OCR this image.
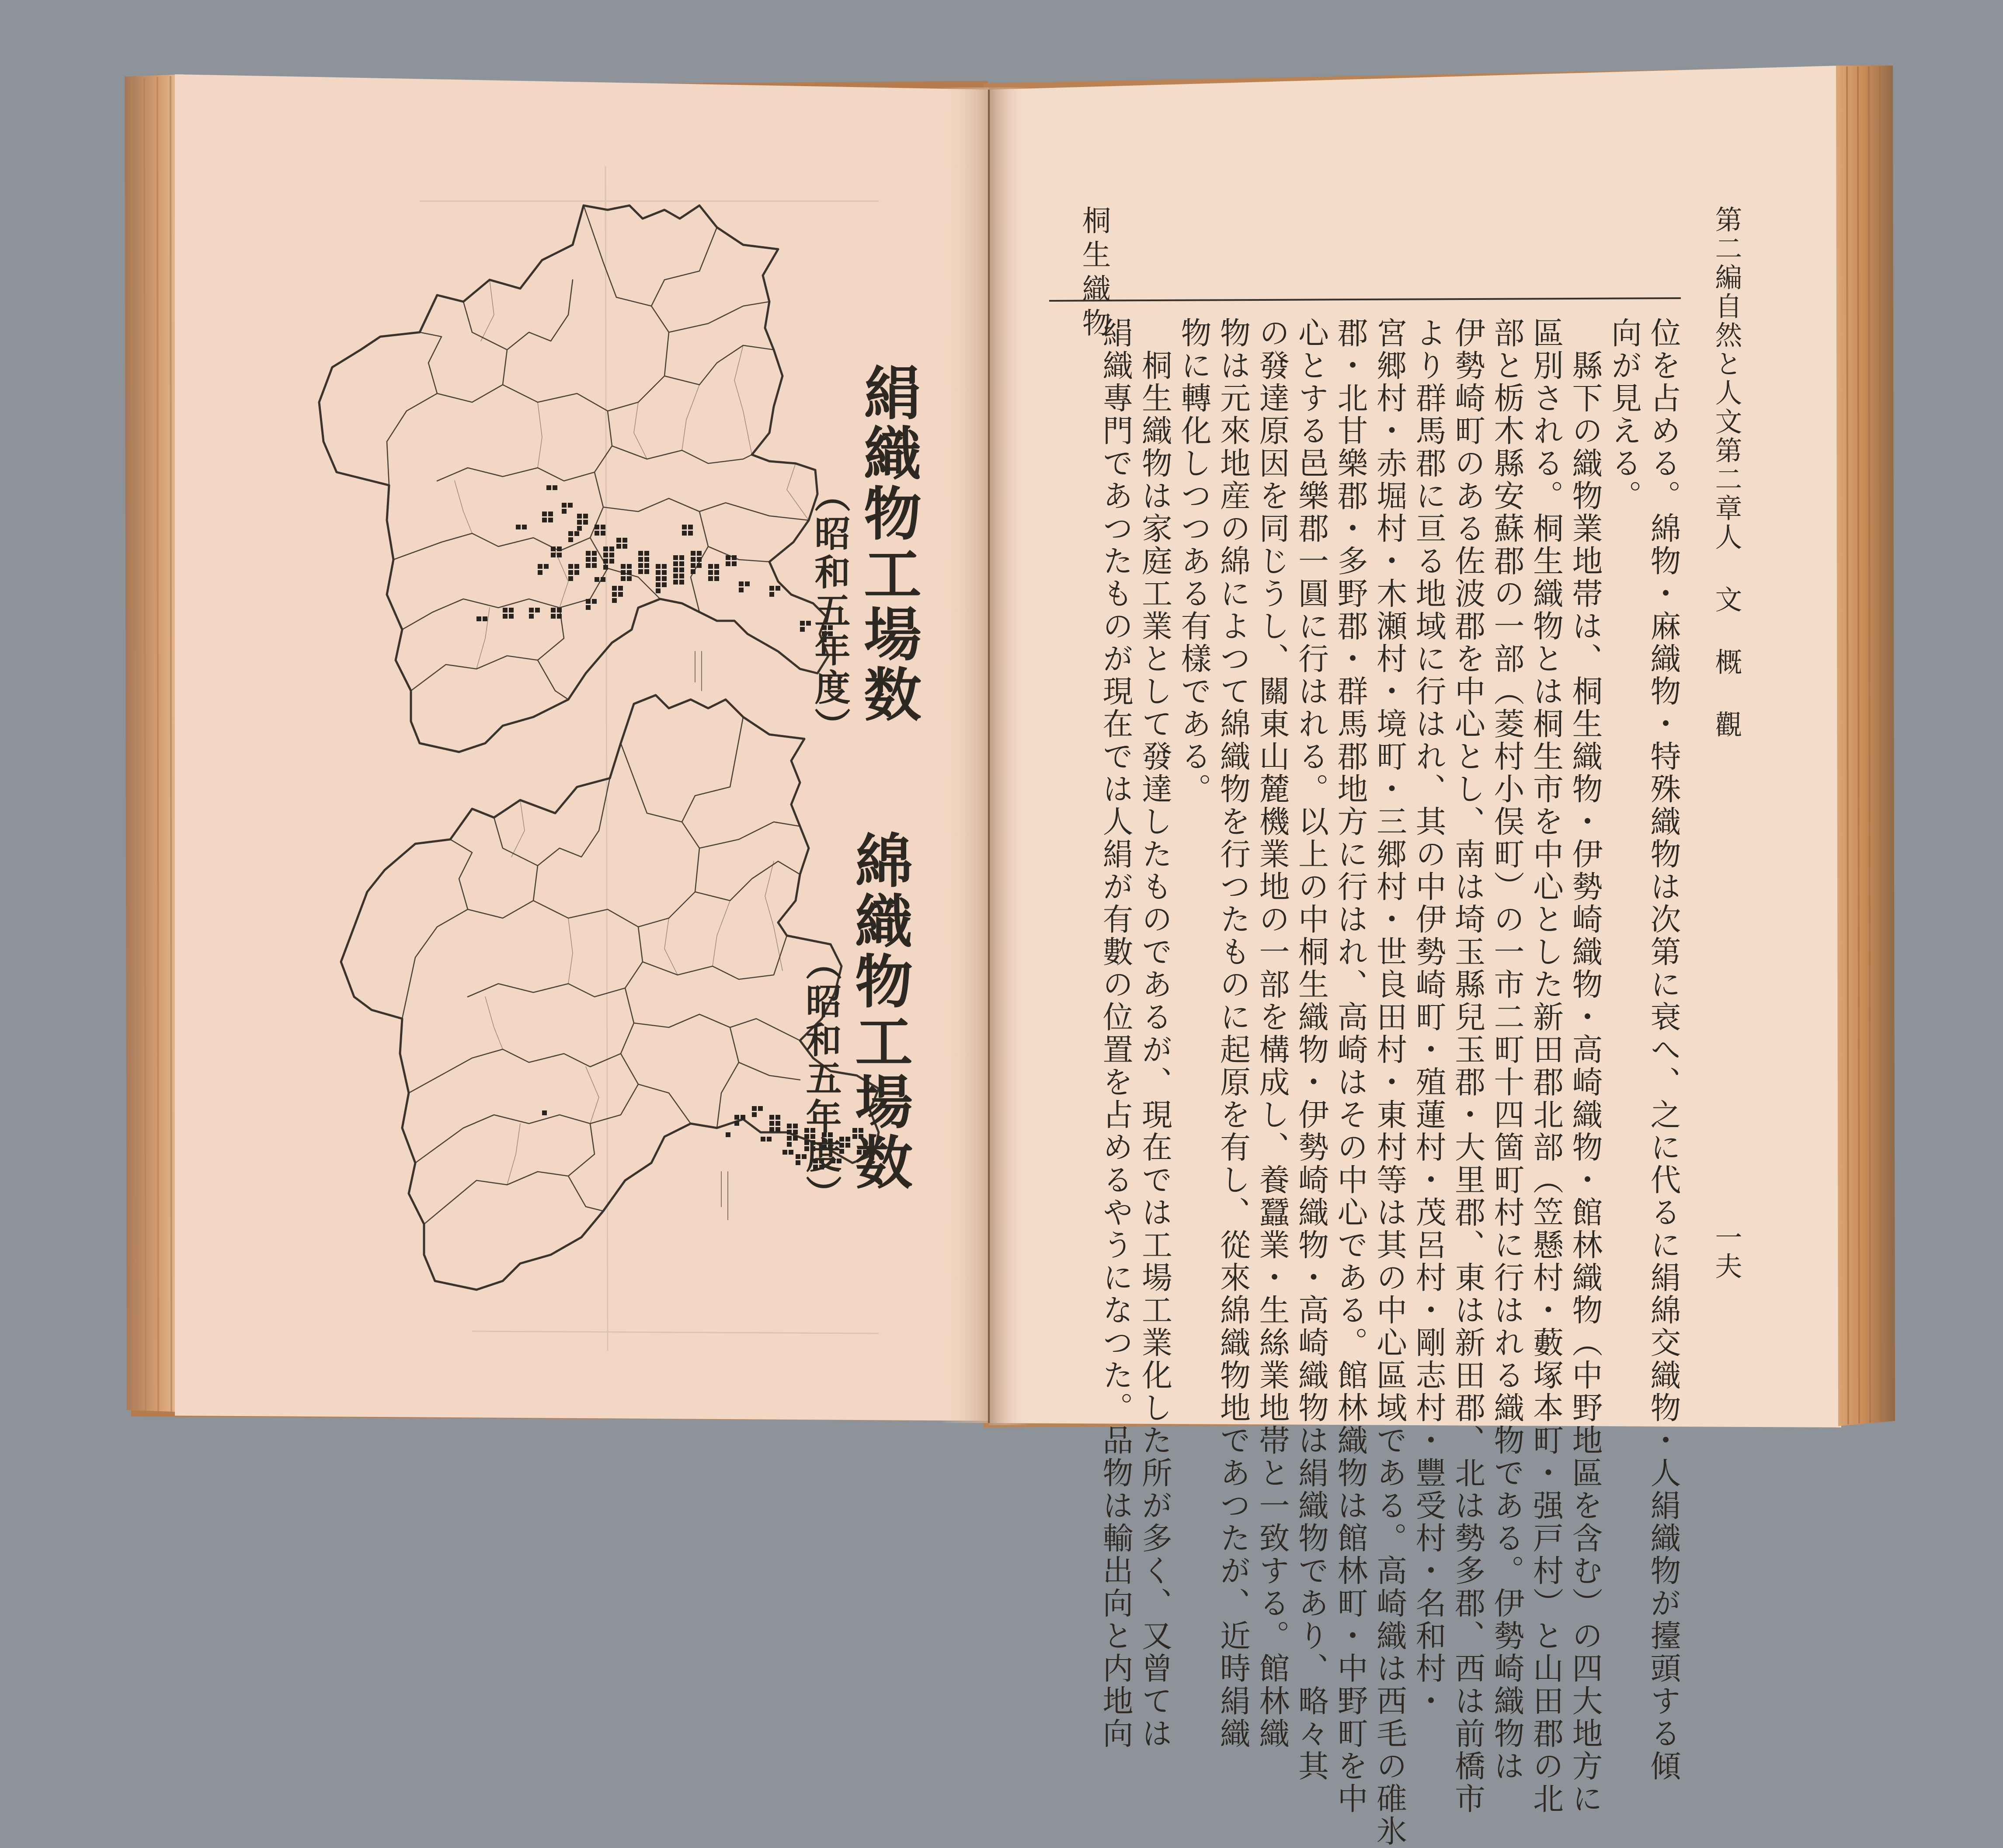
絹織物工場数
（昭和五年度）
綿織物工場数
（昭和五年度）
桐生織物
位を占める。綿物・麻織物・特殊織物は次第に衰へ、之に代るに絹綿交織物・人絹織物が擡頭する傾
向が見える。
　縣下の織物業地帯は、桐生織物・伊勢崎織物・高崎織物・館林織物（中野地區を含む）の四大地方に
區別される。桐生織物とは桐生市を中心とした新田郡北部（笠懸村・藪塚本町・强戸村）と山田郡の北
部と栃木縣安蘇郡の一部（菱村小俣町）の一市二町十四箇町村に行はれる織物である。伊勢崎織物は
伊勢崎町のある佐波郡を中心とし、南は埼玉縣兒玉郡・大里郡、東は新田郡、北は勢多郡、西は前橋市
より群馬郡に亘る地域に行はれ、其の中伊勢崎町・殖蓮村・茂呂村・剛志村・豐受村・名和村・
宮郷村・赤堀村・木瀬村・境町・三郷村・世良田村・東村等は其の中心區域である。高崎織は西毛の碓氷
郡・北甘樂郡・多野郡・群馬郡地方に行はれ、高崎はその中心である。館林織物は館林町・中野町を中
心とする邑樂郡一圓に行はれる。以上の中桐生織物・伊勢崎織物・高崎織物は絹織物であり、略々其
の發達原因を同じうし、關東山麓機業地の一部を構成し、養蠶業・生絲業地帯と一致する。館林織
物は元來地産の綿によつて綿織物を行つたものに起原を有し、從來綿織物地であつたが、近時絹織
物に轉化しつつある有樣である。
　桐生織物は家庭工業として發達したものであるが、現在では工場工業化した所が多く、又曾ては
絹織專門であつたものが現在では人絹が有數の位置を占めるやうになつた。品物は輸出向と内地向
第二編
自然と人文
第二章
人 文 概 觀
一夫
